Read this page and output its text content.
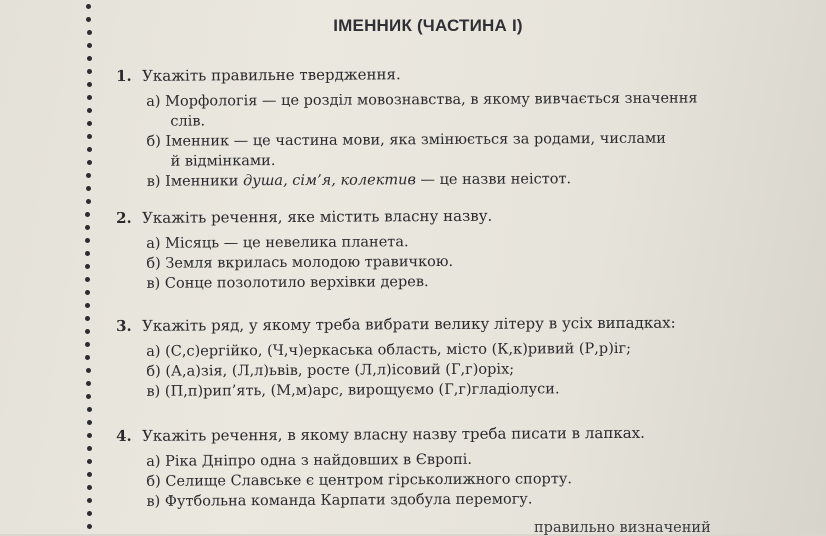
ІМЕННИК (ЧАСТИНА І)
1. Укажіть правильне твердження.
а) Морфологія — це розділ мовознавства, в якому вивчається значення
слів.
б) Іменник — це частина мови, яка змінюється за родами, числами
й відмінками.
в) Іменники душа, сім’я, колектив — це назви неістот.
2. Укажіть речення, яке містить власну назву.
а) Місяць — це невелика планета.
б) Земля вкрилась молодою травичкою.
в) Сонце позолотило верхівки дерев.
3. Укажіть ряд, у якому треба вибрати велику літеру в усіх випадках:
а) (С,с)ергійко, (Ч,ч)еркаська область, місто (К,к)ривий (Р,р)іг;
б) (А,а)зія, (Л,л)ьвів, росте (Л,л)ісовий (Г,г)оріх;
в) (П,п)рип’ять, (М,м)арс, вирощуємо (Г,г)гладіолуси.
4. Укажіть речення, в якому власну назву треба писати в лапках.
а) Ріка Дніпро одна з найдовших в Європі.
б) Селище Славське є центром гірськолижного спорту.
в) Футбольна команда Карпати здобула перемогу.
правильно визначений
